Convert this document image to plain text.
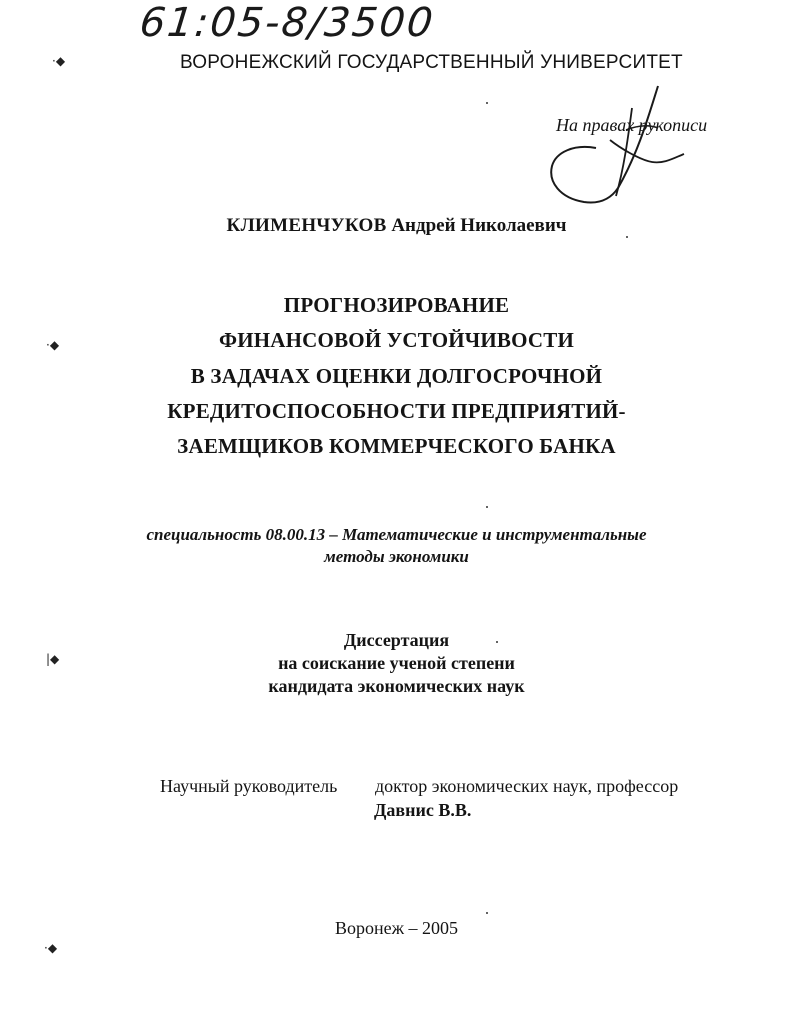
61:05-8/3500
ВОРОНЕЖСКИЙ ГОСУДАРСТВЕННЫЙ УНИВЕРСИТЕТ
На правах рукописи
КЛИМЕНЧУКОВ Андрей Николаевич
ПРОГНОЗИРОВАНИЕ
ФИНАНСОВОЙ УСТОЙЧИВОСТИ
В ЗАДАЧАХ ОЦЕНКИ ДОЛГОСРОЧНОЙ
КРЕДИТОСПОСОБНОСТИ ПРЕДПРИЯТИЙ-
ЗАЕМЩИКОВ КОММЕРЧЕСКОГО БАНКА
специальность 08.00.13 – Математические и инструментальные
методы экономики
Диссертация
на соискание ученой степени
кандидата экономических наук
Научный руководитель доктор экономических наук, профессор
Давнис В.В.
Воронеж – 2005
·◆
·◆
|◆
·◆
